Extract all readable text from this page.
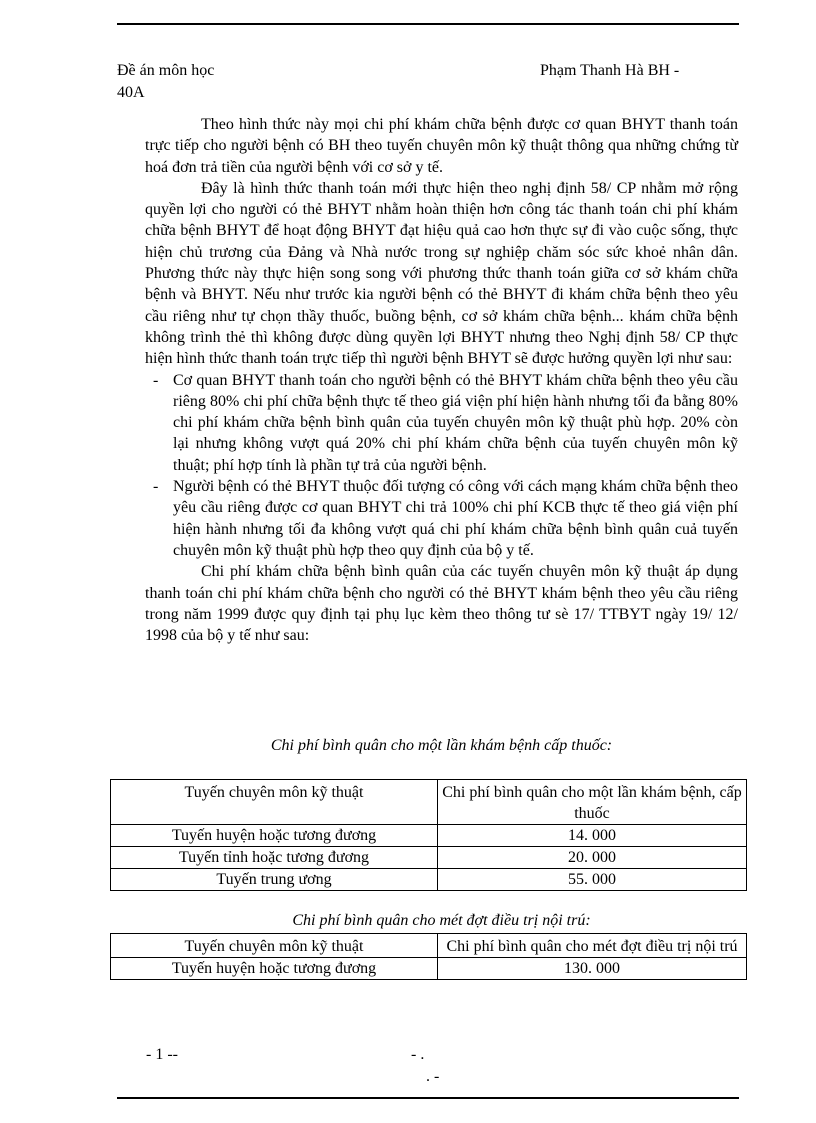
Đề án môn học	Phạm Thanh Hà BH -
40A

Theo hình thức này mọi chi phí khám chữa bệnh được cơ quan BHYT thanh toán trực tiếp cho người bệnh có BH theo tuyến chuyên môn kỹ thuật thông qua những chứng từ hoá đơn trả tiền của người bệnh với cơ sở y tế.

Đây là hình thức thanh toán mới thực hiện theo nghị định 58/ CP nhằm mở rộng quyền lợi cho người có thẻ BHYT nhằm hoàn thiện hơn công tác thanh toán chi phí khám chữa bệnh BHYT để hoạt động BHYT đạt hiệu quả cao hơn thực sự đi vào cuộc sống, thực hiện chủ trương của Đảng và Nhà nước trong sự nghiệp chăm sóc sức khoẻ nhân dân. Phương thức này thực hiện song song với phương thức thanh toán giữa cơ sở khám chữa bệnh và BHYT. Nếu như trước kia người bệnh có thẻ BHYT đi khám chữa bệnh theo yêu cầu riêng như tự chọn thầy thuốc, buồng bệnh, cơ sở khám chữa bệnh... khám chữa bệnh không trình thẻ thì không được dùng quyền lợi BHYT nhưng theo Nghị định 58/ CP thực hiện hình thức thanh toán trực tiếp thì người bệnh BHYT sẽ được hưởng quyền lợi như sau:

- Cơ quan BHYT thanh toán cho người bệnh có thẻ BHYT khám chữa bệnh theo yêu cầu riêng 80% chi phí chữa bệnh thực tế theo giá viện phí hiện hành nhưng tối đa bằng 80% chi phí khám chữa bệnh bình quân của tuyến chuyên môn kỹ thuật phù hợp. 20% còn lại nhưng không vượt quá 20% chi phí khám chữa bệnh của tuyến chuyên môn kỹ thuật; phí hợp tính là phần tự trả của người bệnh.
- Người bệnh có thẻ BHYT thuộc đối tượng có công với cách mạng khám chữa bệnh theo yêu cầu riêng được cơ quan BHYT chi trả 100% chi phí KCB thực tế theo giá viện phí hiện hành nhưng tối đa không vượt quá chi phí khám chữa bệnh bình quân cuả tuyến chuyên môn kỹ thuật phù hợp theo quy định của bộ y tế.

Chi phí khám chữa bệnh bình quân của các tuyến chuyên môn kỹ thuật áp dụng thanh toán chi phí khám chữa bệnh cho người có thẻ BHYT khám bệnh theo yêu cầu riêng trong năm 1999 được quy định tại phụ lục kèm theo thông tư sè 17/ TTBYT ngày 19/ 12/ 1998 của bộ y tế như sau:

Chi phí bình quân cho một lần khám bệnh cấp thuốc:

Tuyến chuyên môn kỹ thuật	Chi phí bình quân cho một lần khám bệnh, cấp thuốc
Tuyến huyện hoặc tương đương	14. 000
Tuyến tỉnh hoặc tương đương	20. 000
Tuyến trung ương	55. 000

Chi phí bình quân cho mét đợt điều trị nội trú:

Tuyến chuyên môn kỹ thuật	Chi phí bình quân cho mét đợt điều trị nội trú
Tuyến huyện hoặc tương đương	130. 000
- 1 --	- .
. -
